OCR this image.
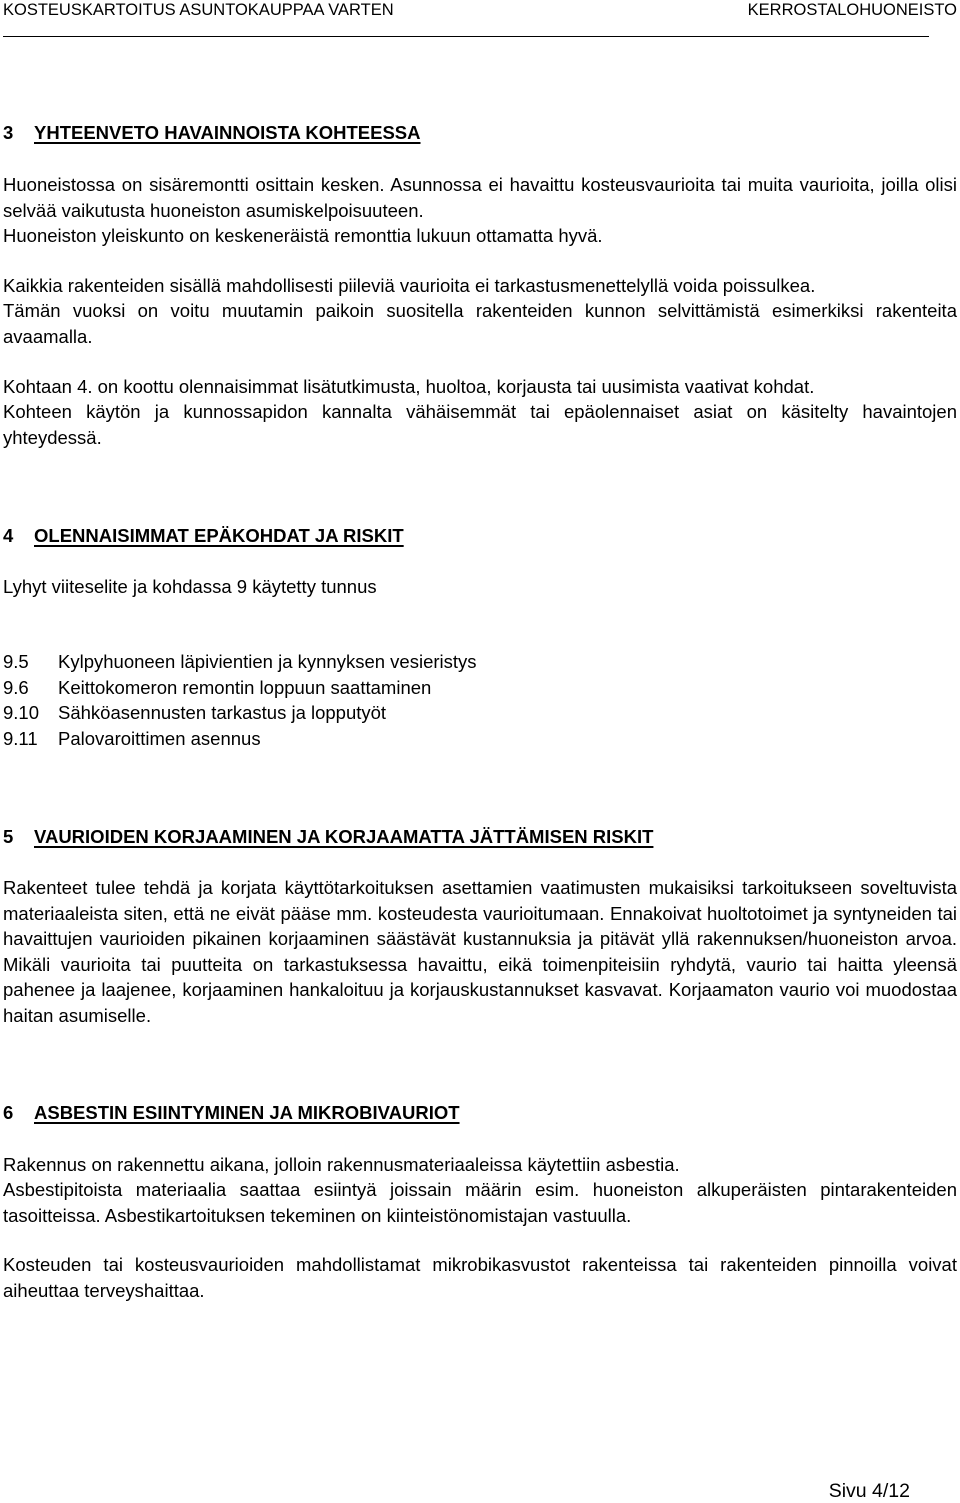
KOSTEUSKARTOITUS ASUNTOKAUPPAA VARTEN	KERROSTALOHUONEISTO
3 YHTEENVETO HAVAINNOISTA KOHTEESSA

Huoneistossa on sisäremontti osittain kesken. Asunnossa ei havaittu kosteusvaurioita tai muita vaurioita, joilla olisi selvää vaikutusta huoneiston asumiskelpoisuuteen.

Huoneiston yleiskunto on keskeneräistä remonttia lukuun ottamatta hyvä.
Kaikkia rakenteiden sisällä mahdollisesti piileviä vaurioita ei tarkastusmenettelyllä voida poissulkea.

Tämän vuoksi on voitu muutamin paikoin suositella rakenteiden kunnon selvittämistä esimerkiksi rakenteita avaamalla.

Kohtaan 4. on koottu olennaisimmat lisätutkimusta, huoltoa, korjausta tai uusimista vaativat kohdat.

Kohteen käytön ja kunnossapidon kannalta vähäisemmät tai epäolennaiset asiat on käsitelty havaintojen yhteydessä.

4 OLENNAISIMMAT EPÄKOHDAT JA RISKIT
Lyhyt viiteselite ja kohdassa 9 käytetty tunnus
9.5 Kylpyhuoneen läpivientien ja kynnyksen vesieristys
9.6 Keittokomeron remontin loppuun saattaminen
9.10 Sähköasennusten tarkastus ja lopputyöt
9.11 Palovaroittimen asennus
5 VAURIOIDEN KORJAAMINEN JA KORJAAMATTA JÄTTÄMISEN RISKIT

Rakenteet tulee tehdä ja korjata käyttötarkoituksen asettamien vaatimusten mukaisiksi tarkoitukseen soveltuvista materiaaleista siten, että ne eivät pääse mm. kosteudesta vaurioitumaan. Ennakoivat huoltotoimet ja syntyneiden tai havaittujen vaurioiden pikainen korjaaminen säästävät kustannuksia ja pitävät yllä rakennuksen/huoneiston arvoa. Mikäli vaurioita tai puutteita on tarkastuksessa havaittu, eikä toimenpiteisiin ryhdytä, vaurio tai haitta yleensä pahenee ja laajenee, korjaaminen hankaloituu ja korjauskustannukset kasvavat. Korjaamaton vaurio voi muodostaa haitan asumiselle.

6 ASBESTIN ESIINTYMINEN JA MIKROBIVAURIOT
Rakennus on rakennettu aikana, jolloin rakennusmateriaaleissa käytettiin asbestia.

Asbestipitoista materiaalia saattaa esiintyä joissain määrin esim. huoneiston alkuperäisten pintarakenteiden tasoitteissa. Asbestikartoituksen tekeminen on kiinteistönomistajan vastuulla.

Kosteuden tai kosteusvaurioiden mahdollistamat mikrobikasvustot rakenteissa tai rakenteiden pinnoilla voivat aiheuttaa terveyshaittaa.

Sivu 4/12
